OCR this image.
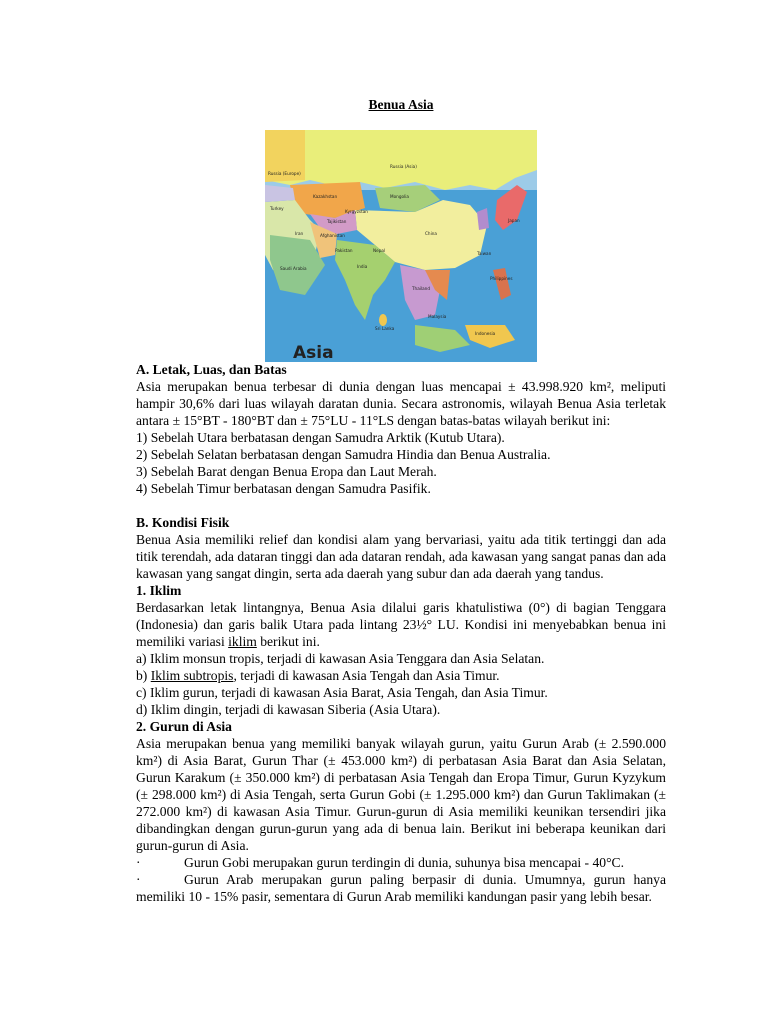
Benua Asia
Asia
Russia (Europe)
Russia (Asia)
Kazakhstan	Mongolia
Kyrgyzstan
Tajikistan
Turkey
Iran	Afghanistan
Pakistan
China
Saudi Arabia	India
Nepal
Japan
Taiwan
Thailand
Philippines
Malaysia
Indonesia
Sri Lanka

A. Letak, Luas, dan Batas

Asia merupakan benua terbesar di dunia dengan luas mencapai ± 43.998.920 km², meliputi hampir 30,6% dari luas wilayah daratan dunia. Secara astronomis, wilayah Benua Asia terletak antara ± 15°BT - 180°BT dan ± 75°LU - 11°LS dengan batas-batas wilayah berikut ini:

1) Sebelah Utara berbatasan dengan Samudra Arktik (Kutub Utara).

2) Sebelah Selatan berbatasan dengan Samudra Hindia dan Benua Australia.

3) Sebelah Barat dengan Benua Eropa dan Laut Merah.

4) Sebelah Timur berbatasan dengan Samudra Pasifik.

B. Kondisi Fisik

Benua Asia memiliki relief dan kondisi alam yang bervariasi, yaitu ada titik tertinggi dan ada titik terendah, ada dataran tinggi dan ada dataran rendah, ada kawasan yang sangat panas dan ada kawasan yang sangat dingin, serta ada daerah yang subur dan ada daerah yang tandus.

1. Iklim

Berdasarkan letak lintangnya, Benua Asia dilalui garis khatulistiwa (0°) di bagian Tenggara (Indonesia) dan garis balik Utara pada lintang 23½° LU. Kondisi ini menyebabkan benua ini memiliki variasi iklim berikut ini.

a) Iklim monsun tropis, terjadi di kawasan Asia Tenggara dan Asia Selatan.

b) Iklim subtropis, terjadi di kawasan Asia Tengah dan Asia Timur.

c) Iklim gurun, terjadi di kawasan Asia Barat, Asia Tengah, dan Asia Timur.

d) Iklim dingin, terjadi di kawasan Siberia (Asia Utara).

2. Gurun di Asia

Asia merupakan benua yang memiliki banyak wilayah gurun, yaitu Gurun Arab (± 2.590.000 km²) di Asia Barat, Gurun Thar (± 453.000 km²) di perbatasan Asia Barat dan Asia Selatan, Gurun Karakum (± 350.000 km²) di perbatasan Asia Tengah dan Eropa Timur, Gurun Kyzykum (± 298.000 km²) di Asia Tengah, serta Gurun Gobi (± 1.295.000 km²) dan Gurun Taklimakan (± 272.000 km²) di kawasan Asia Timur. Gurun-gurun di Asia memiliki keunikan tersendiri jika dibandingkan dengan gurun-gurun yang ada di benua lain. Berikut ini beberapa keunikan dari gurun-gurun di Asia.

·	Gurun Gobi merupakan gurun terdingin di dunia, suhunya bisa mencapai - 40°C.

·	Gurun Arab merupakan gurun paling berpasir di dunia. Umumnya, gurun hanya memiliki 10 - 15% pasir, sementara di Gurun Arab memiliki kandungan pasir yang lebih besar.
